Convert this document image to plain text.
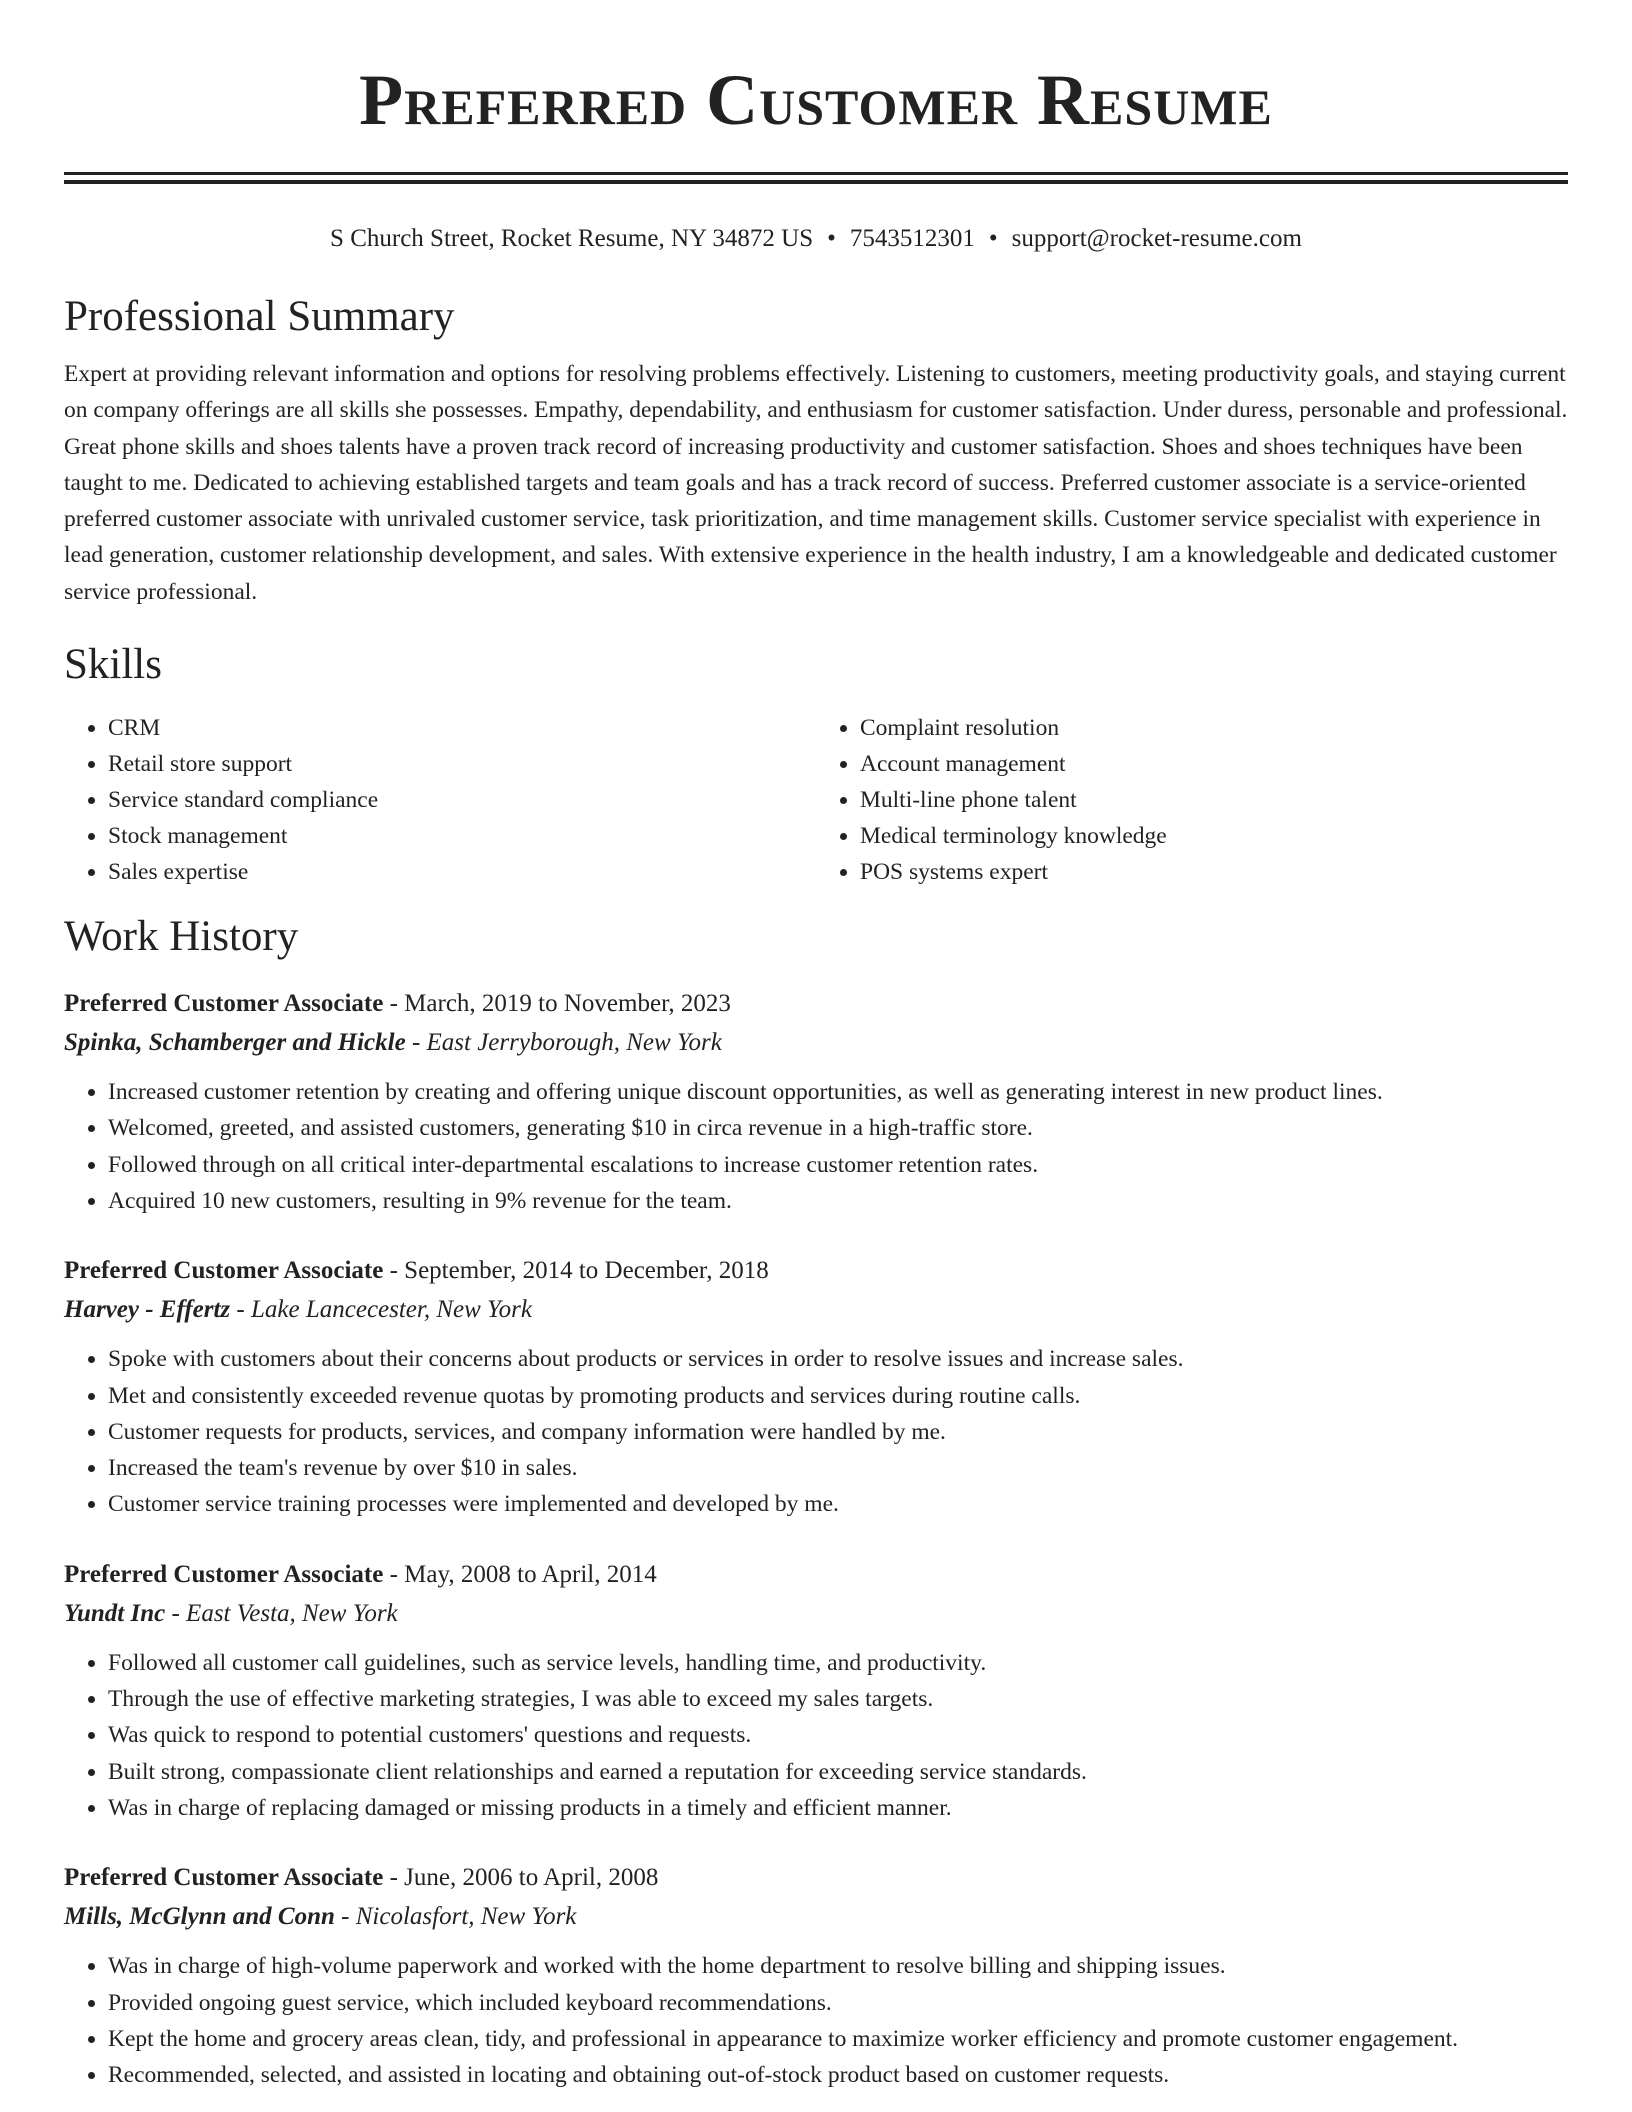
Preferred Customer Resume
S Church Street, Rocket Resume, NY 34872 US • 7543512301 • support@rocket-resume.com
Professional Summary

Expert at providing relevant information and options for resolving problems effectively. Listening to customers, meeting productivity goals, and staying current on company offerings are all skills she possesses. Empathy, dependability, and enthusiasm for customer satisfaction. Under duress, personable and professional. Great phone skills and shoes talents have a proven track record of increasing productivity and customer satisfaction. Shoes and shoes techniques have been taught to me. Dedicated to achieving established targets and team goals and has a track record of success. Preferred customer associate is a service-oriented preferred customer associate with unrivaled customer service, task prioritization, and time management skills. Customer service specialist with experience in lead generation, customer relationship development, and sales. With extensive experience in the health industry, I am a knowledgeable and dedicated customer service professional.

Skills
• CRM
• Retail store support
• Service standard compliance
• Stock management
• Sales expertise
• Complaint resolution
• Account management
• Multi-line phone talent
• Medical terminology knowledge
• POS systems expert
Work History
Preferred Customer Associate - March, 2019 to November, 2023
Spinka, Schamberger and Hickle - East Jerryborough, New York
• Increased customer retention by creating and offering unique discount opportunities, as well as generating interest in new product lines.
• Welcomed, greeted, and assisted customers, generating $10 in circa revenue in a high-traffic store.
• Followed through on all critical inter-departmental escalations to increase customer retention rates.
• Acquired 10 new customers, resulting in 9% revenue for the team.
Preferred Customer Associate - September, 2014 to December, 2018
Harvey - Effertz - Lake Lancecester, New York
• Spoke with customers about their concerns about products or services in order to resolve issues and increase sales.
• Met and consistently exceeded revenue quotas by promoting products and services during routine calls.
• Customer requests for products, services, and company information were handled by me.
• Increased the team's revenue by over $10 in sales.
• Customer service training processes were implemented and developed by me.
Preferred Customer Associate - May, 2008 to April, 2014
Yundt Inc - East Vesta, New York
• Followed all customer call guidelines, such as service levels, handling time, and productivity.
• Through the use of effective marketing strategies, I was able to exceed my sales targets.
• Was quick to respond to potential customers' questions and requests.
• Built strong, compassionate client relationships and earned a reputation for exceeding service standards.
• Was in charge of replacing damaged or missing products in a timely and efficient manner.
Preferred Customer Associate - June, 2006 to April, 2008
Mills, McGlynn and Conn - Nicolasfort, New York
• Was in charge of high-volume paperwork and worked with the home department to resolve billing and shipping issues.
• Provided ongoing guest service, which included keyboard recommendations.
• Kept the home and grocery areas clean, tidy, and professional in appearance to maximize worker efficiency and promote customer engagement.
• Recommended, selected, and assisted in locating and obtaining out-of-stock product based on customer requests.
